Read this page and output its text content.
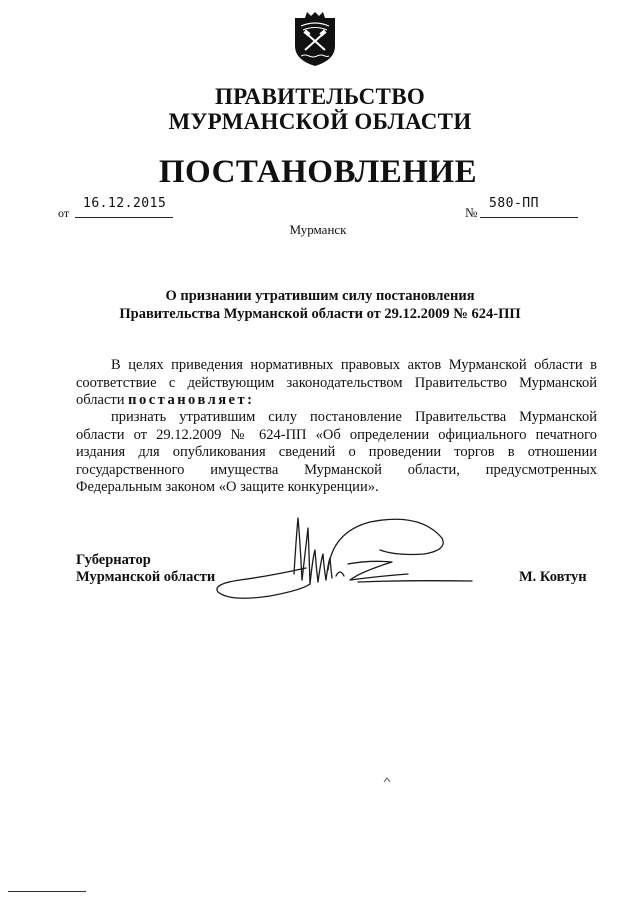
ПРАВИТЕЛЬСТВО
МУРМАНСКОЙ ОБЛАСТИ
ПОСТАНОВЛЕНИЕ
от
16.12.2015
№
580-ПП
Мурманск
О признании утратившим силу постановления
Правительства Мурманской области от 29.12.2009 № 624-ПП
В целях приведения нормативных правовых актов Мурманской области в соответствие с действующим законодательством Правительство Мурманской области постановляет:
признать утратившим силу постановление Правительства Мурманской области от 29.12.2009 № 624-ПП «Об определении официального печатного издания для опубликования сведений о проведении торгов в отношении государственного имущества Мурманской области, предусмотренных Федеральным законом «О защите конкуренции».
Губернатор
Мурманской области	М. Ковтун
